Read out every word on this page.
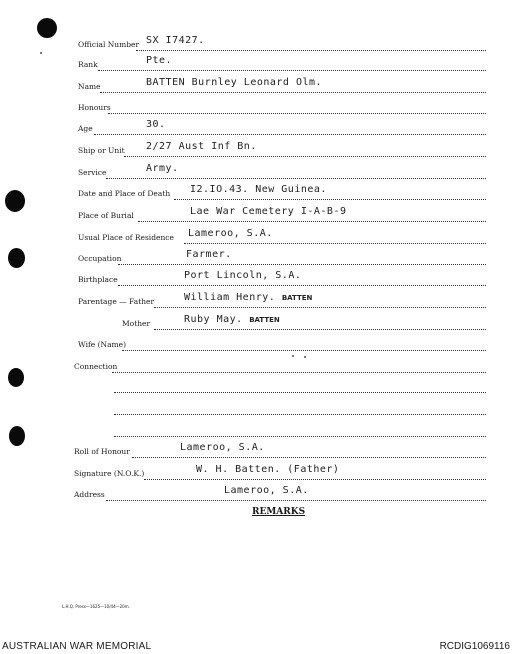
Official Number SX I7427.
Rank	Pte.
Name	BATTEN Burnley Leonard Olm.
Honours
Age	30.
Ship or Unit 2/27 Aust Inf Bn.
Service	Army.
Date and Place of Death I2.IO.43. New Guinea.
Place of Burial	Lae War Cemetery I-A-B-9
Usual Place of Residence Lameroo, S.A.
Occupation	Farmer.
Birthplace	Port Lincoln, S.A.
Parentage — Father	William Henry. BATTEN
Mother	Ruby May. BATTEN
Wife (Name)
Connection
Roll of Honour	Lameroo, S.A.
Signature (N.O.K.)	W. H. Batten. (Father)
Address	Lameroo, S.A.
REMARKS
L.H.Q. Press—1625—10/44—20m.
AUSTRALIAN WAR MEMORIAL	RCDIG1069116
